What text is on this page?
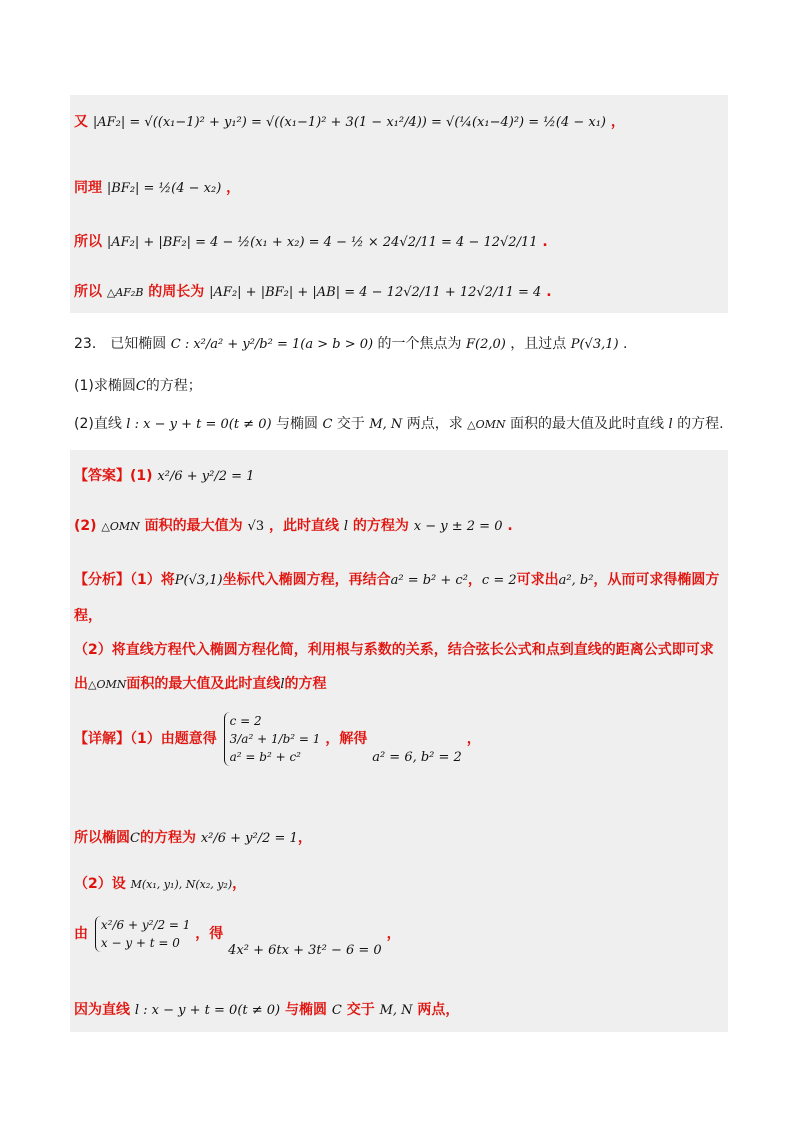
又 |AF₂| = √((x₁−1)² + y₁²) = √((x₁−1)² + 3(1 − x₁²/4)) = √(¼(x₁−4)²) = ½(4 − x₁) ，
同理 |BF₂| = ½(4 − x₂) ，
所以 |AF₂| + |BF₂| = 4 − ½(x₁ + x₂) = 4 − ½ × 24√2/11 = 4 − 12√2/11 .
所以 △AF₂B 的周长为 |AF₂| + |BF₂| + |AB| = 4 − 12√2/11 + 12√2/11 = 4 .
23． 已知椭圆 C : x²/a² + y²/b² = 1(a > b > 0) 的一个焦点为 F(2,0) ，且过点 P(√3,1) .
(1)求椭圆C的方程；
(2)直线 l : x − y + t = 0(t ≠ 0) 与椭圆 C 交于 M, N 两点，求 △OMN 面积的最大值及此时直线 l 的方程.
【答案】(1) x²/6 + y²/2 = 1
(2) △OMN 面积的最大值为 √3 ，此时直线 l 的方程为 x − y ± 2 = 0 .
【分析】（1）将P(√3,1)坐标代入椭圆方程，再结合a² = b² + c²，c = 2可求出a², b²，从而可求得椭圆方
程，
（2）将直线方程代入椭圆方程化简，利用根与系数的关系，结合弦长公式和点到直线的距离公式即可求
出△OMN面积的最大值及此时直线l的方程
【详解】（1）由题意得
c = 2
3/a² + 1/b² = 1
a² = b² + c²
，解得 a² = 6, b² = 2 ，
所以椭圆C的方程为 x²/6 + y²/2 = 1，
（2）设 M(x₁, y₁), N(x₂, y₂)，
由
x²/6 + y²/2 = 1
x − y + t = 0
，得 4x² + 6tx + 3t² − 6 = 0 ，
因为直线 l : x − y + t = 0(t ≠ 0) 与椭圆 C 交于 M, N 两点，
